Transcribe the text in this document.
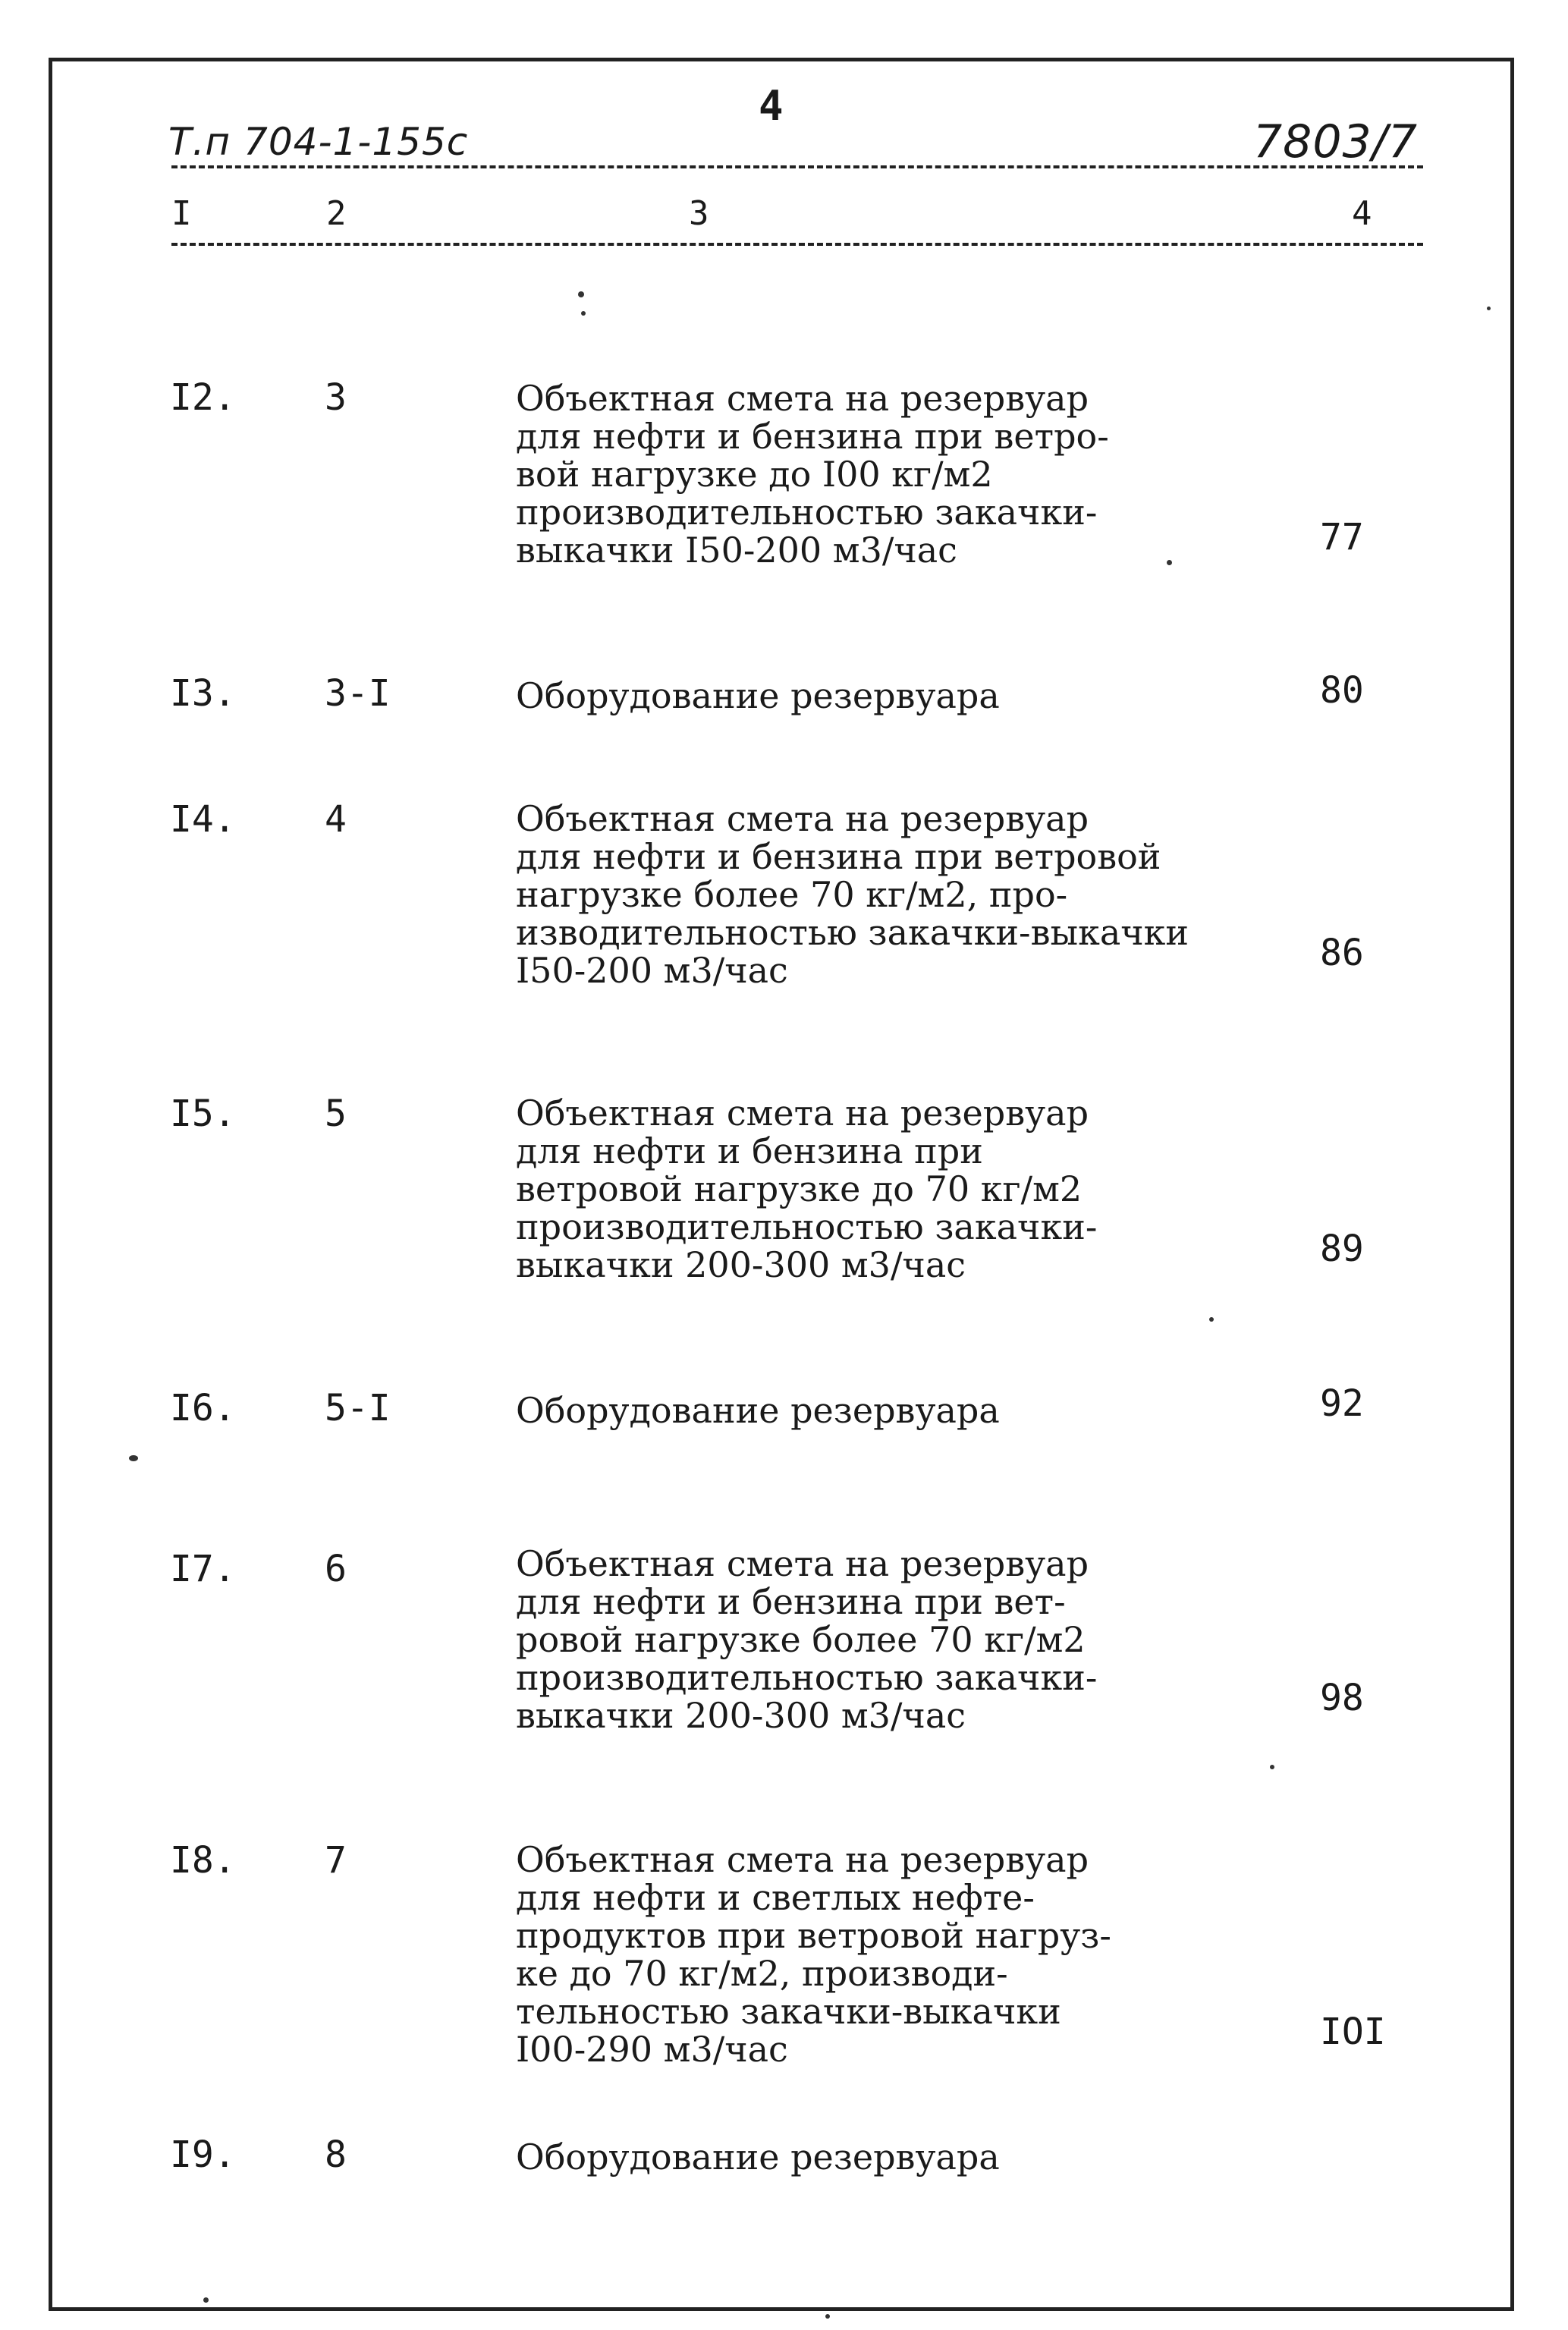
4
Т.п 704-1-155с	7803/7
I	2	3	4
I2. 3	Объектная смета на резервуар
для нефти и бензина при ветро-
вой нагрузке до I00 кг/м2
производительностью закачки-
выкачки I50-200 м3/час	77
I3. 3-I	Оборудование резервуара	80
I4. 4	Объектная смета на резервуар
для нефти и бензина при ветровой
нагрузке более 70 кг/м2, про-
изводительностью закачки-выкачки
I50-200 м3/час	86
I5. 5	Объектная смета на резервуар
для нефти и бензина при
ветровой нагрузке до 70 кг/м2
производительностью закачки-
выкачки 200-300 м3/час	89
I6. 5-I	Оборудование резервуара	92
I7. 6	Объектная смета на резервуар
для нефти и бензина при вет-
ровой нагрузке более 70 кг/м2
производительностью закачки-
выкачки 200-300 м3/час	98
I8. 7	Объектная смета на резервуар
для нефти и светлых нефте-
продуктов при ветровой нагруз-
ке до 70 кг/м2, производи-
тельностью закачки-выкачки
I00-290 м3/час	IOI
I9. 8	Оборудование резервуара
